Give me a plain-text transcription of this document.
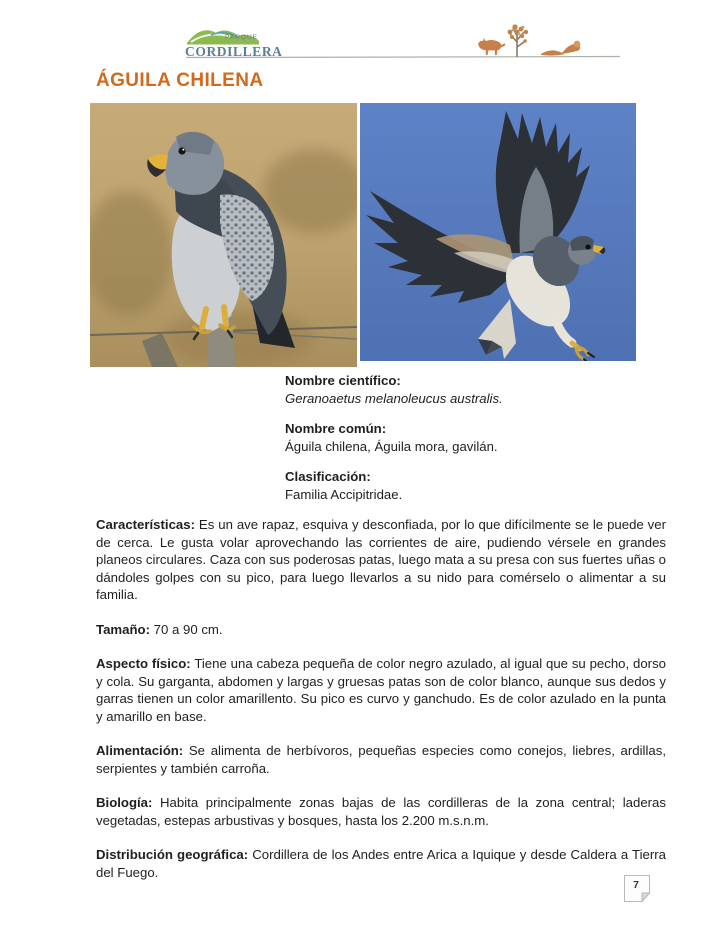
PARQUE
CORDILLERA
ÁGUILA CHILENA
Nombre científico:
Geranoaetus melanoleucus australis.
Nombre común:
Águila chilena, Águila mora, gavilán.
Clasificación:
Familia Accipitridae.

Características: Es un ave rapaz, esquiva y desconfiada, por lo que difícilmente se le puede ver de cerca. Le gusta volar aprovechando las corrientes de aire, pudiendo vérsele en grandes planeos circulares. Caza con sus poderosas patas, luego mata a su presa con sus fuertes uñas o dándoles golpes con su pico, para luego llevarlos a su nido para comérselo o alimentar a su familia.

Tamaño: 70 a 90 cm.

Aspecto físico: Tiene una cabeza pequeña de color negro azulado, al igual que su pecho, dorso y cola. Su garganta, abdomen y largas y gruesas patas son de color blanco, aunque sus dedos y garras tienen un color amarillento. Su pico es curvo y ganchudo. Es de color azulado en la punta y amarillo en base.

Alimentación: Se alimenta de herbívoros, pequeñas especies como conejos, liebres, ardillas, serpientes y también carroña.

Biología: Habita principalmente zonas bajas de las cordilleras de la zona central; laderas vegetadas, estepas arbustivas y bosques, hasta los 2.200 m.s.n.m.

Distribución geográfica: Cordillera de los Andes entre Arica a Iquique y desde Caldera a Tierra del Fuego.

7
